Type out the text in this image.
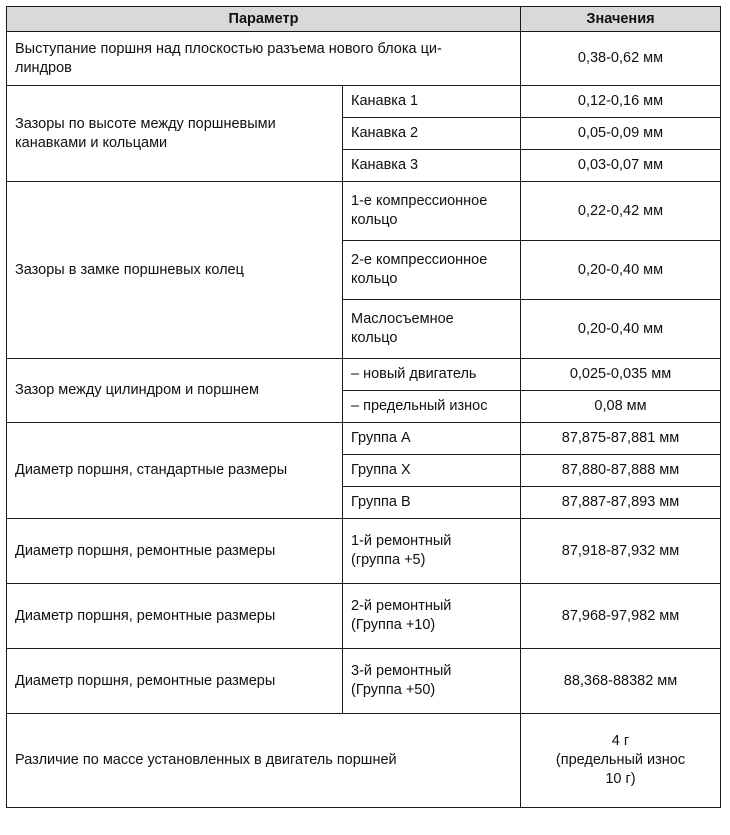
Параметр		Значения

Выступание поршня над плоскостью разъема нового блока ци-
линдров		0,38-0,62 мм

Зазоры по высоте между поршневыми
канавками и кольцами	Канавка 1	0,12-0,16 мм
	Канавка 2	0,05-0,09 мм
	Канавка 3	0,03-0,07 мм
Зазоры в замке поршневых колец	1-е компрессионное
кольцо	0,22-0,42 мм

	2-е компрессионное
кольцо	0,20-0,40 мм

	Маслосъемное
кольцо	0,20-0,40 мм
Зазор между цилиндром и поршнем	– новый двигатель	0,025-0,035 мм
	– предельный износ	0,08 мм
Диаметр поршня, стандартные размеры	Группа А	87,875-87,881 мм
	Группа Х	87,880-87,888 мм
	Группа В	87,887-87,893 мм
Диаметр поршня, ремонтные размеры	1-й ремонтный
(группа +5)	87,918-87,932 мм
Диаметр поршня, ремонтные размеры	2-й ремонтный
(Группа +10)	87,968-97,982 мм
Диаметр поршня, ремонтные размеры	3-й ремонтный
(Группа +50)	88,368-88382 мм
Различие по массе установленных в двигатель поршней		4 г
(предельный износ
10 г)
